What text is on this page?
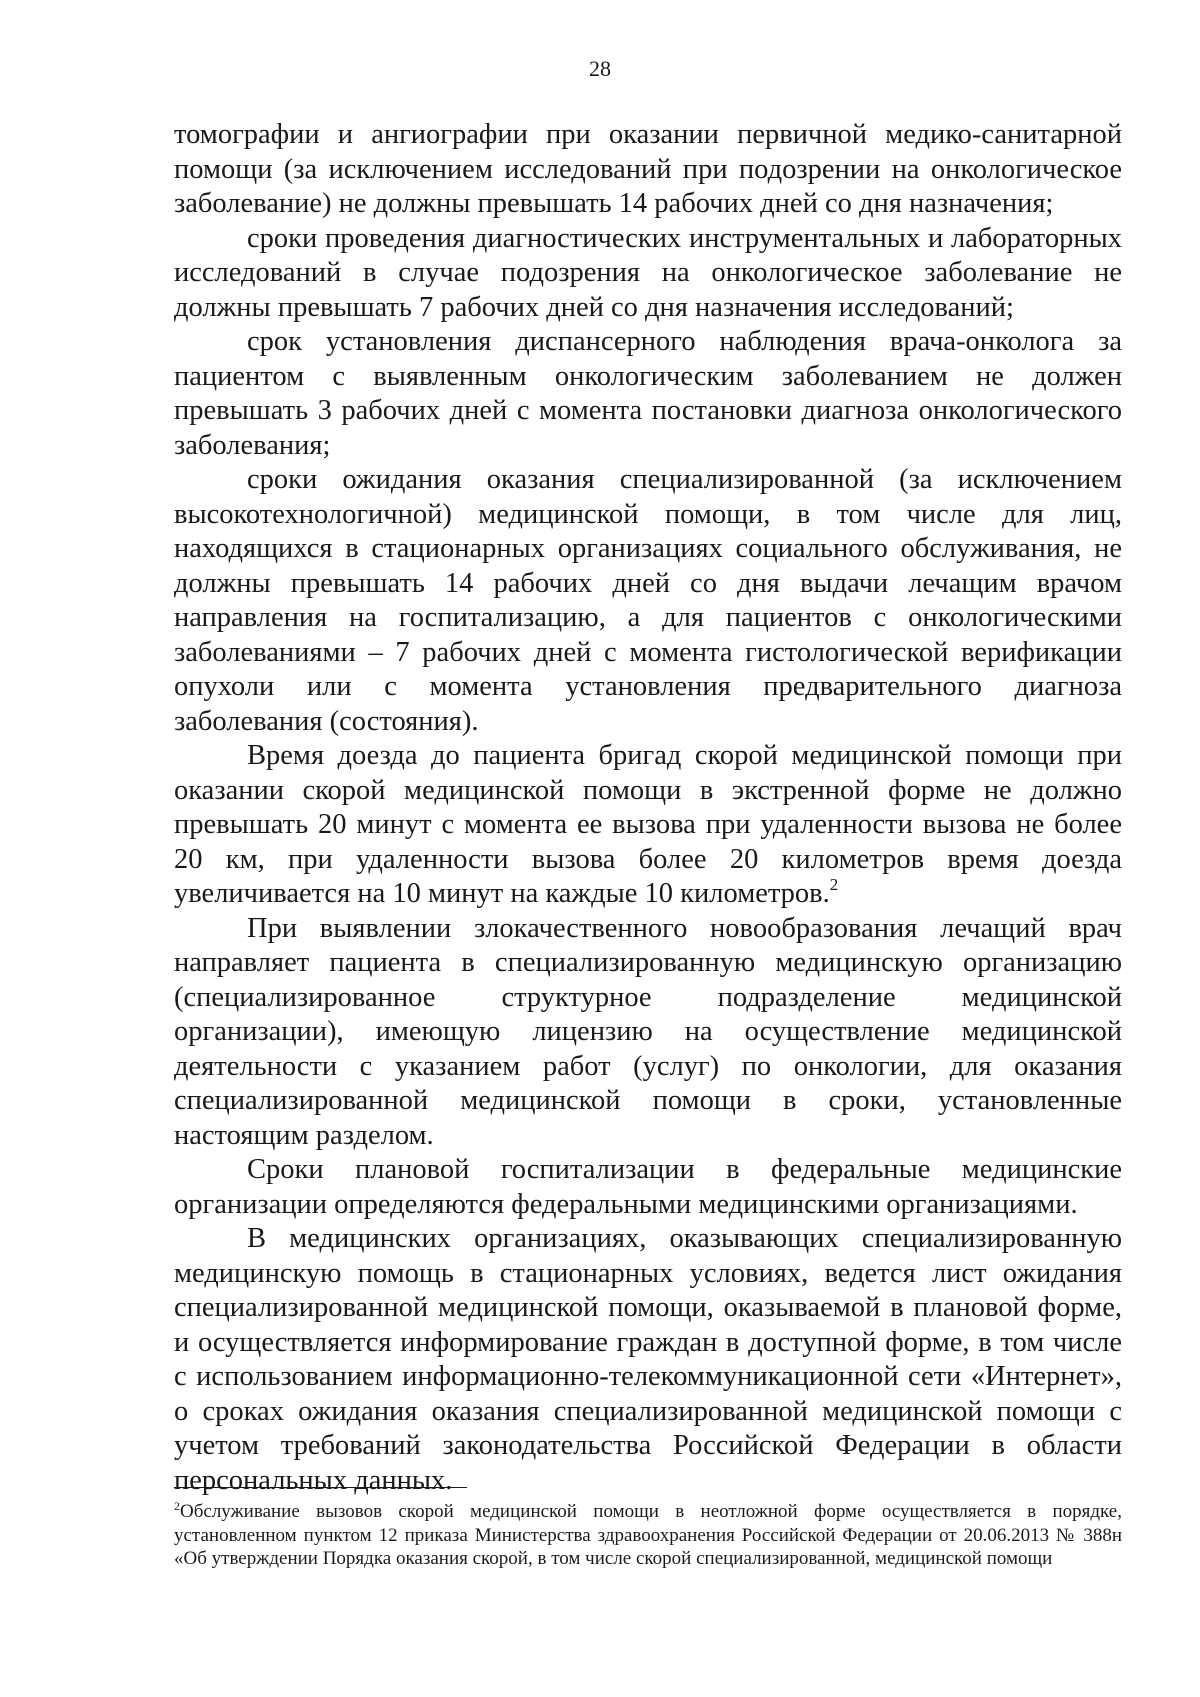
28

томографии и ангиографии при оказании первичной медико-санитарной помощи (за исключением исследований при подозрении на онкологическое заболевание) не должны превышать 14 рабочих дней со дня назначения;

сроки проведения диагностических инструментальных и лабораторных исследований в случае подозрения на онкологическое заболевание не должны превышать 7 рабочих дней со дня назначения исследований;

срок установления диспансерного наблюдения врача-онколога за пациентом с выявленным онкологическим заболеванием не должен превышать 3 рабочих дней с момента постановки диагноза онкологического заболевания;

сроки ожидания оказания специализированной (за исключением высокотехнологичной) медицинской помощи, в том числе для лиц, находящихся в стационарных организациях социального обслуживания, не должны превышать 14 рабочих дней со дня выдачи лечащим врачом направления на госпитализацию, а для пациентов с онкологическими заболеваниями – 7 рабочих дней с момента гистологической верификации опухоли или с момента установления предварительного диагноза заболевания (состояния).

Время доезда до пациента бригад скорой медицинской помощи при оказании скорой медицинской помощи в экстренной форме не должно превышать 20 минут с момента ее вызова при удаленности вызова не более 20 км, при удаленности вызова более 20 километров время доезда увеличивается на 10 минут на каждые 10 километров.$^2$

При выявлении злокачественного новообразования лечащий врач направляет пациента в специализированную медицинскую организацию (специализированное структурное подразделение медицинской организации), имеющую лицензию на осуществление медицинской деятельности с указанием работ (услуг) по онкологии, для оказания специализированной медицинской помощи в сроки, установленные настоящим разделом.

Сроки плановой госпитализации в федеральные медицинские организации определяются федеральными медицинскими организациями.

В медицинских организациях, оказывающих специализированную медицинскую помощь в стационарных условиях, ведется лист ожидания специализированной медицинской помощи, оказываемой в плановой форме, и осуществляется информирование граждан в доступной форме, в том числе с использованием информационно-телекоммуникационной сети «Интернет», о сроках ожидания оказания специализированной медицинской помощи с учетом требований законодательства Российской Федерации в области персональных данных.

$^2$Обслуживание вызовов скорой медицинской помощи в неотложной форме осуществляется в порядке, установленном пунктом 12 приказа Министерства здравоохранения Российской Федерации от 20.06.2013 № 388н «Об утверждении Порядка оказания скорой, в том числе скорой специализированной, медицинской помощи
